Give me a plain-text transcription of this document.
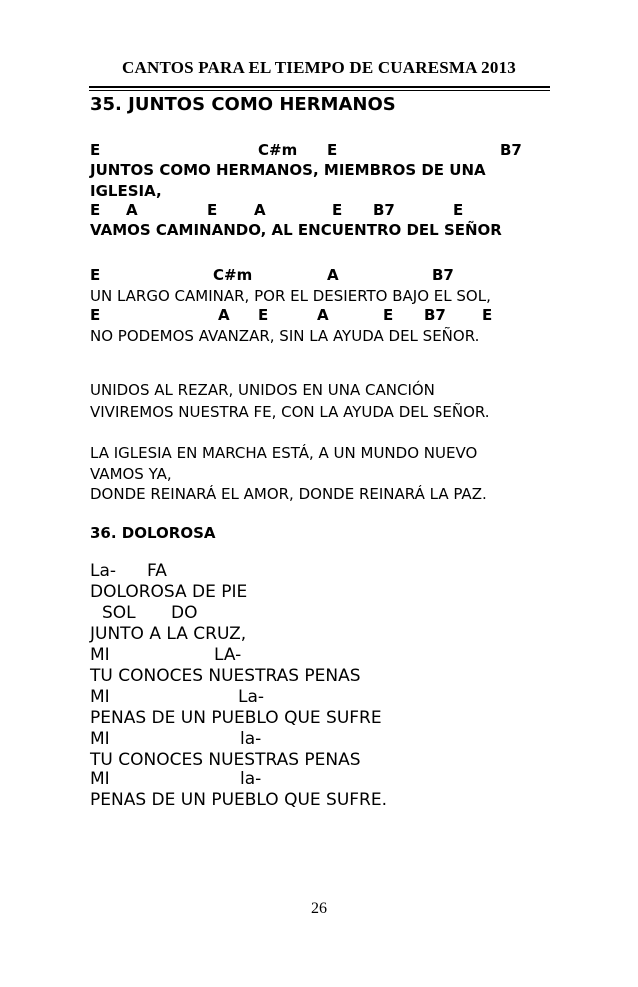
CANTOS PARA EL TIEMPO DE CUARESMA 2013
35. JUNTOS COMO HERMANOS
E	C#m E	B7
JUNTOS COMO HERMANOS, MIEMBROS DE UNA
IGLESIA,
E A	E A	E B7	E
VAMOS CAMINANDO, AL ENCUENTRO DEL SEÑOR
E	C#m	A	B7
UN LARGO CAMINAR, POR EL DESIERTO BAJO EL SOL,
E	A E	A	E B7 E
NO PODEMOS AVANZAR, SIN LA AYUDA DEL SEÑOR.
UNIDOS AL REZAR, UNIDOS EN UNA CANCIÓN
VIVIREMOS NUESTRA FE, CON LA AYUDA DEL SEÑOR.
LA IGLESIA EN MARCHA ESTÁ, A UN MUNDO NUEVO
VAMOS YA,
DONDE REINARÁ EL AMOR, DONDE REINARÁ LA PAZ.
36. DOLOROSA
La- FA
DOLOROSA DE PIE
SOL DO
JUNTO A LA CRUZ,
MI	LA-
TU CONOCES NUESTRAS PENAS
MI	La-
PENAS DE UN PUEBLO QUE SUFRE
MI	la-
TU CONOCES NUESTRAS PENAS
MI	la-
PENAS DE UN PUEBLO QUE SUFRE.
26
